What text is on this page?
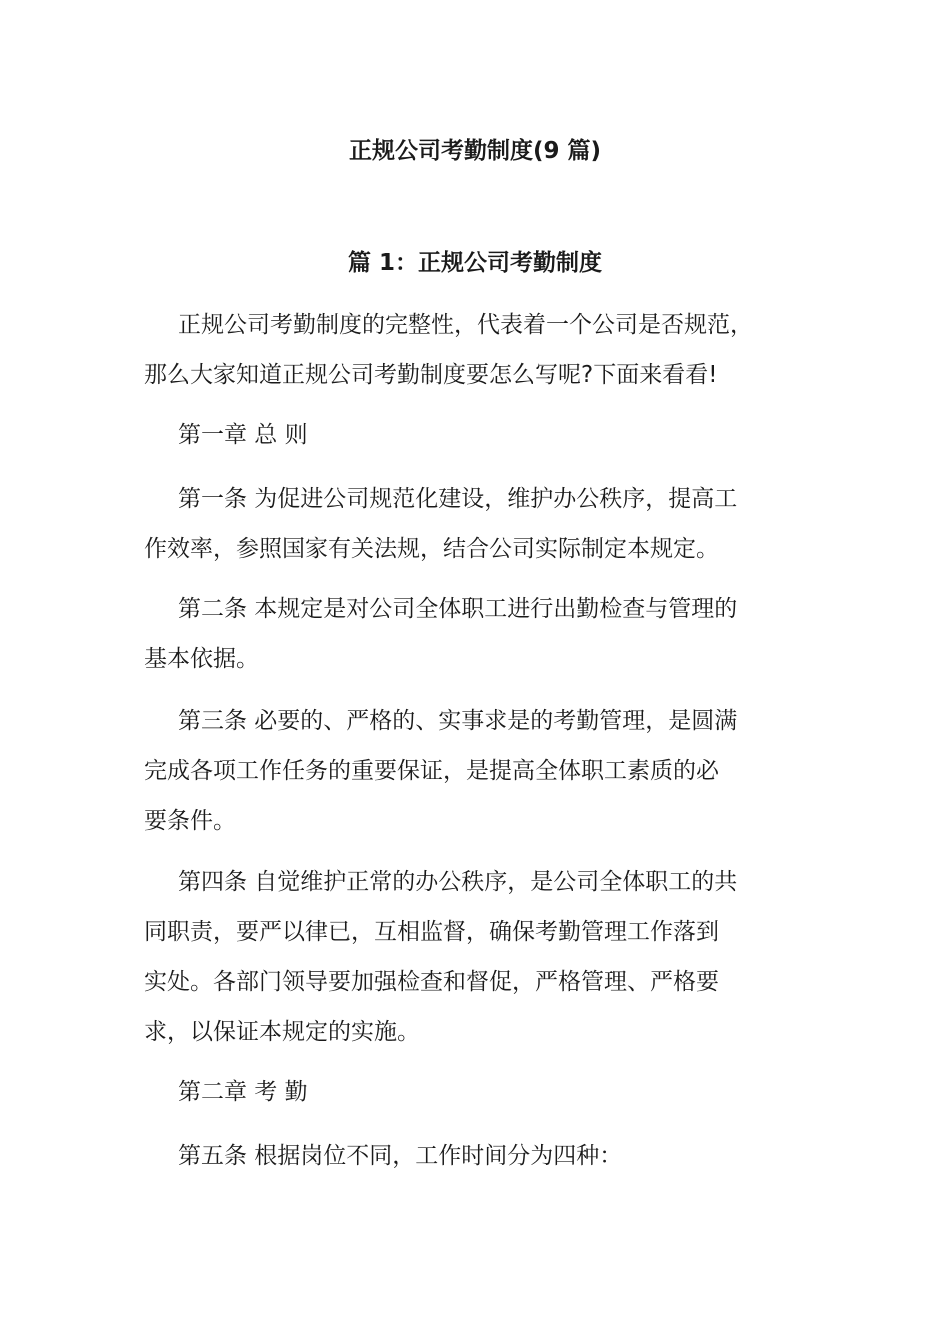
正规公司考勤制度(9 篇)
篇 1：正规公司考勤制度

正规公司考勤制度的完整性，代表着一个公司是否规范，
那么大家知道正规公司考勤制度要怎么写呢?下面来看看!

第一章 总 则

第一条 为促进公司规范化建设，维护办公秩序，提高工
作效率，参照国家有关法规，结合公司实际制定本规定。

第二条 本规定是对公司全体职工进行出勤检查与管理的
基本依据。

第三条 必要的、严格的、实事求是的考勤管理，是圆满
完成各项工作任务的重要保证，是提高全体职工素质的必
要条件。

第四条 自觉维护正常的办公秩序，是公司全体职工的共
同职责，要严以律已，互相监督，确保考勤管理工作落到
实处。各部门领导要加强检查和督促，严格管理、严格要
求，以保证本规定的实施。

第二章 考 勤

第五条 根据岗位不同，工作时间分为四种：
